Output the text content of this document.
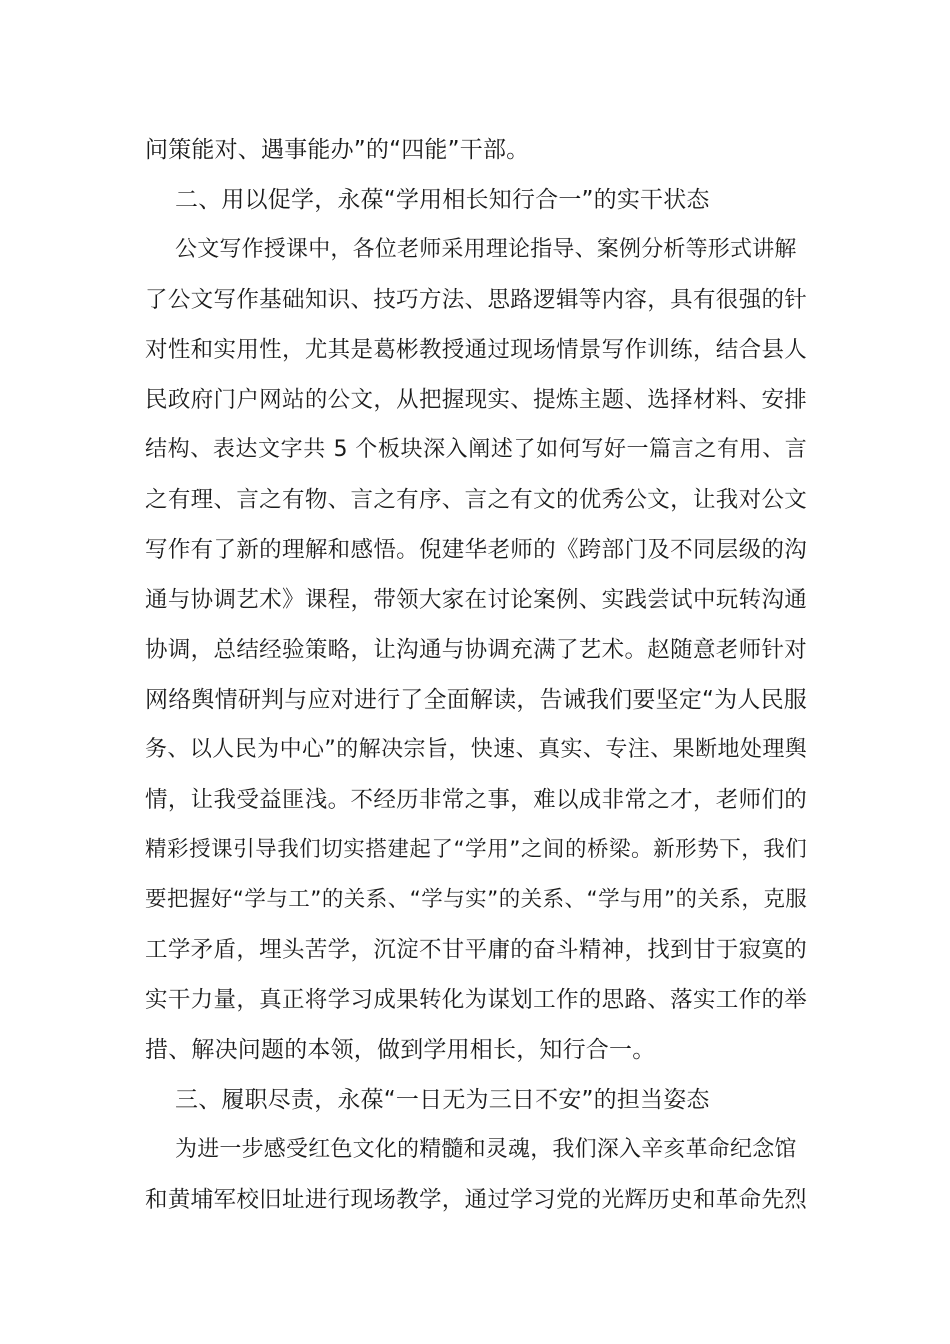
问策能对、遇事能办”的“四能”干部。
二、用以促学，永葆“学用相长知行合一”的实干状态
公文写作授课中，各位老师采用理论指导、案例分析等形式讲解
了公文写作基础知识、技巧方法、思路逻辑等内容，具有很强的针
对性和实用性，尤其是葛彬教授通过现场情景写作训练，结合县人
民政府门户网站的公文，从把握现实、提炼主题、选择材料、安排
结构、表达文字共 5 个板块深入阐述了如何写好一篇言之有用、言
之有理、言之有物、言之有序、言之有文的优秀公文，让我对公文
写作有了新的理解和感悟。倪建华老师的《跨部门及不同层级的沟
通与协调艺术》课程，带领大家在讨论案例、实践尝试中玩转沟通
协调，总结经验策略，让沟通与协调充满了艺术。赵随意老师针对
网络舆情研判与应对进行了全面解读，告诫我们要坚定“为人民服
务、以人民为中心”的解决宗旨，快速、真实、专注、果断地处理舆
情，让我受益匪浅。不经历非常之事，难以成非常之才，老师们的
精彩授课引导我们切实搭建起了“学用”之间的桥梁。新形势下，我们
要把握好“学与工”的关系、“学与实”的关系、“学与用”的关系，克服
工学矛盾，埋头苦学，沉淀不甘平庸的奋斗精神，找到甘于寂寞的
实干力量，真正将学习成果转化为谋划工作的思路、落实工作的举
措、解决问题的本领，做到学用相长，知行合一。
三、履职尽责，永葆“一日无为三日不安”的担当姿态
为进一步感受红色文化的精髓和灵魂，我们深入辛亥革命纪念馆
和黄埔军校旧址进行现场教学，通过学习党的光辉历史和革命先烈
